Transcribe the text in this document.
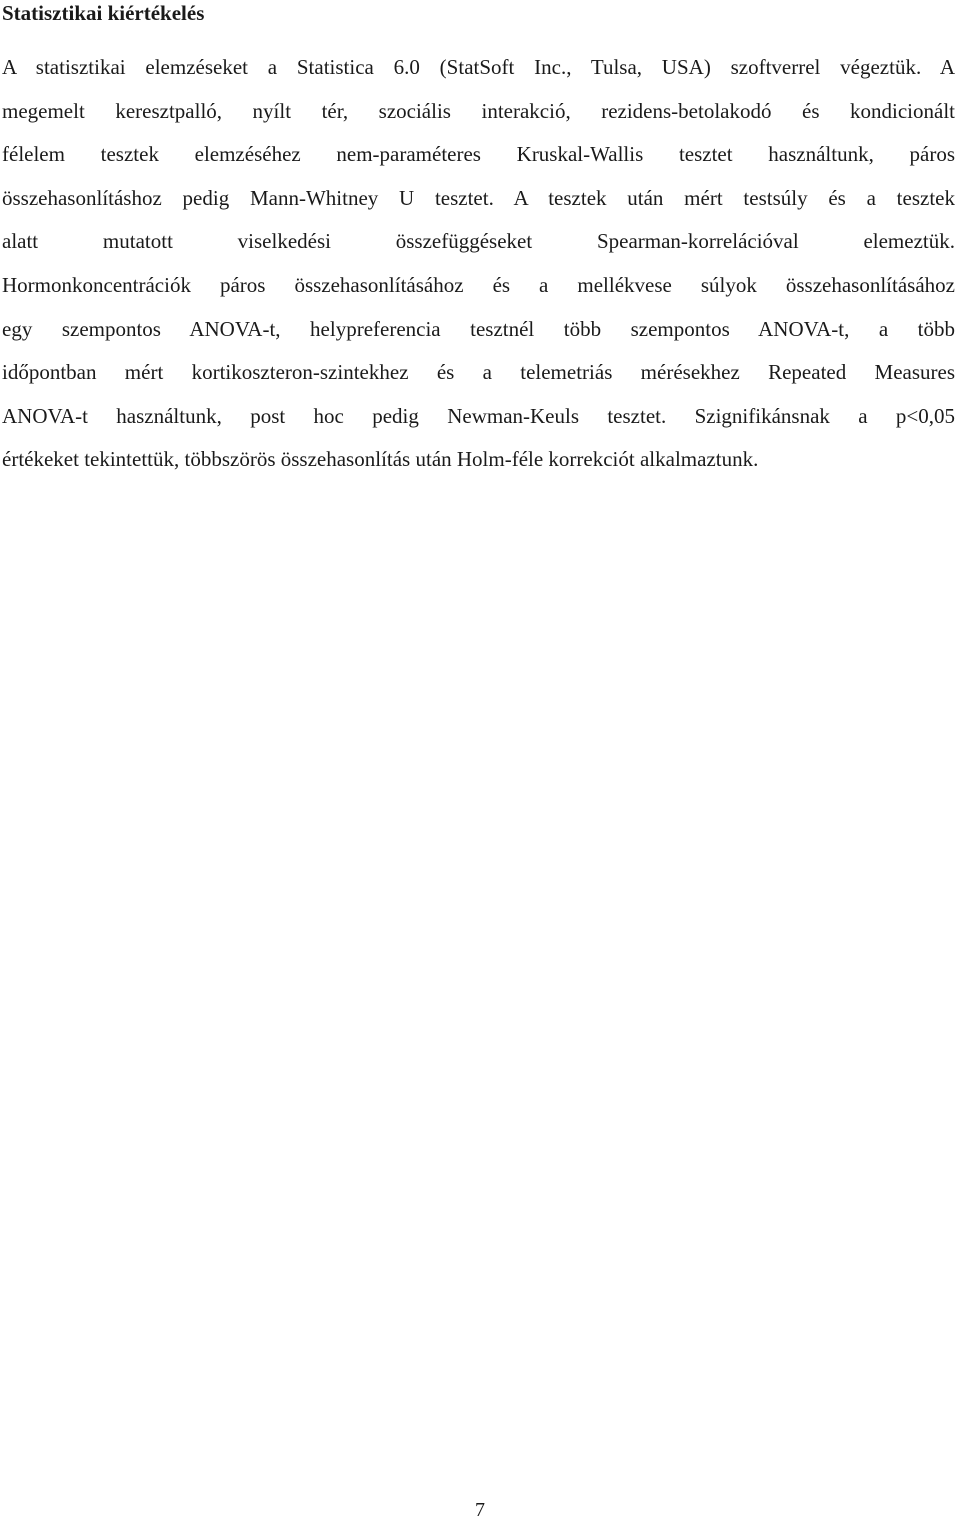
Statisztikai kiértékelés

A statisztikai elemzéseket a Statistica 6.0 (StatSoft Inc., Tulsa, USA) szoftverrel végeztük. A
megemelt keresztpalló, nyílt tér, szociális interakció, rezidens-betolakodó és kondicionált
félelem tesztek elemzéséhez nem-paraméteres Kruskal-Wallis tesztet használtunk, páros
összehasonlításhoz pedig Mann-Whitney U tesztet. A tesztek után mért testsúly és a tesztek
alatt mutatott viselkedési összefüggéseket Spearman-korrelációval elemeztük.
Hormonkoncentrációk páros összehasonlításához és a mellékvese súlyok összehasonlításához
egy szempontos ANOVA-t, helypreferencia tesztnél több szempontos ANOVA-t, a több
időpontban mért kortikoszteron-szintekhez és a telemetriás mérésekhez Repeated Measures
ANOVA-t használtunk, post hoc pedig Newman-Keuls tesztet. Szignifikánsnak a p<0,05
értékeket tekintettük, többszörös összehasonlítás után Holm-féle korrekciót alkalmaztunk.

7
